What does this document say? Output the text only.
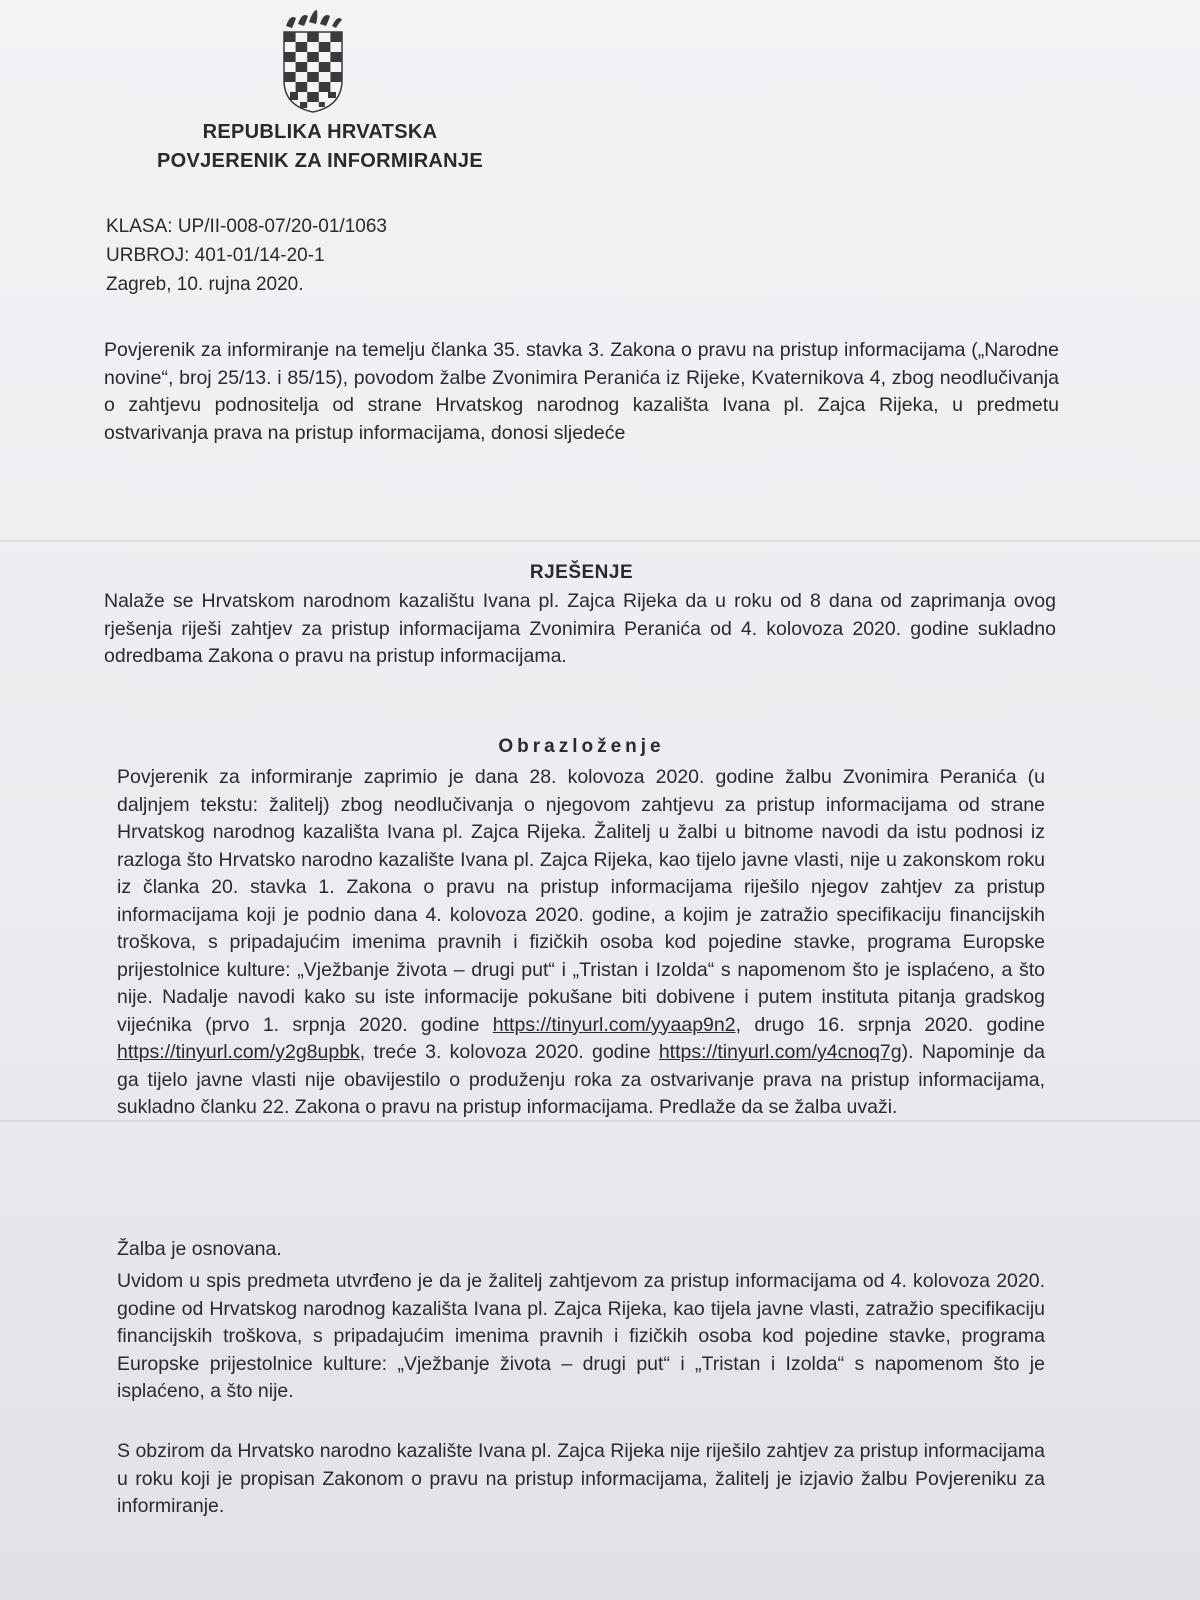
REPUBLIKA HRVATSKA
POVJERENIK ZA INFORMIRANJE
KLASA: UP/II-008-07/20-01/1063
URBROJ: 401-01/14-20-1
Zagreb, 10. rujna 2020.

Povjerenik za informiranje na temelju članka 35. stavka 3. Zakona o pravu na pristup informacijama („Narodne novine“, broj 25/13. i 85/15), povodom žalbe Zvonimira Peranića iz Rijeke, Kvaternikova 4, zbog neodlučivanja o zahtjevu podnositelja od strane Hrvatskog narodnog kazališta Ivana pl. Zajca Rijeka, u predmetu ostvarivanja prava na pristup informacijama, donosi sljedeće

RJEŠENJE

Nalaže se Hrvatskom narodnom kazalištu Ivana pl. Zajca Rijeka da u roku od 8 dana od zaprimanja ovog rješenja riješi zahtjev za pristup informacijama Zvonimira Peranića od 4. kolovoza 2020. godine sukladno odredbama Zakona o pravu na pristup informacijama.

Obrazloženje

Povjerenik za informiranje zaprimio je dana 28. kolovoza 2020. godine žalbu Zvonimira Peranića (u daljnjem tekstu: žalitelj) zbog neodlučivanja o njegovom zahtjevu za pristup informacijama od strane Hrvatskog narodnog kazališta Ivana pl. Zajca Rijeka. Žalitelj u žalbi u bitnome navodi da istu podnosi iz razloga što Hrvatsko narodno kazalište Ivana pl. Zajca Rijeka, kao tijelo javne vlasti, nije u zakonskom roku iz članka 20. stavka 1. Zakona o pravu na pristup informacijama riješilo njegov zahtjev za pristup informacijama koji je podnio dana 4. kolovoza 2020. godine, a kojim je zatražio specifikaciju financijskih troškova, s pripadajućim imenima pravnih i fizičkih osoba kod pojedine stavke, programa Europske prijestolnice kulture: „Vježbanje života – drugi put“ i „Tristan i Izolda“ s napomenom što je isplaćeno, a što nije. Nadalje navodi kako su iste informacije pokušane biti dobivene i putem instituta pitanja gradskog vijećnika (prvo 1. srpnja 2020. godine https://tinyurl.com/yyaap9n2, drugo 16. srpnja 2020. godine https://tinyurl.com/y2g8upbk, treće 3. kolovoza 2020. godine https://tinyurl.com/y4cnoq7g). Napominje da ga tijelo javne vlasti nije obavijestilo o produženju roka za ostvarivanje prava na pristup informacijama, sukladno članku 22. Zakona o pravu na pristup informacijama. Predlaže da se žalba uvaži.

Žalba je osnovana.

Uvidom u spis predmeta utvrđeno je da je žalitelj zahtjevom za pristup informacijama od 4. kolovoza 2020. godine od Hrvatskog narodnog kazališta Ivana pl. Zajca Rijeka, kao tijela javne vlasti, zatražio specifikaciju financijskih troškova, s pripadajućim imenima pravnih i fizičkih osoba kod pojedine stavke, programa Europske prijestolnice kulture: „Vježbanje života – drugi put“ i „Tristan i Izolda“ s napomenom što je isplaćeno, a što nije.

S obzirom da Hrvatsko narodno kazalište Ivana pl. Zajca Rijeka nije riješilo zahtjev za pristup informacijama u roku koji je propisan Zakonom o pravu na pristup informacijama, žalitelj je izjavio žalbu Povjereniku za informiranje.
